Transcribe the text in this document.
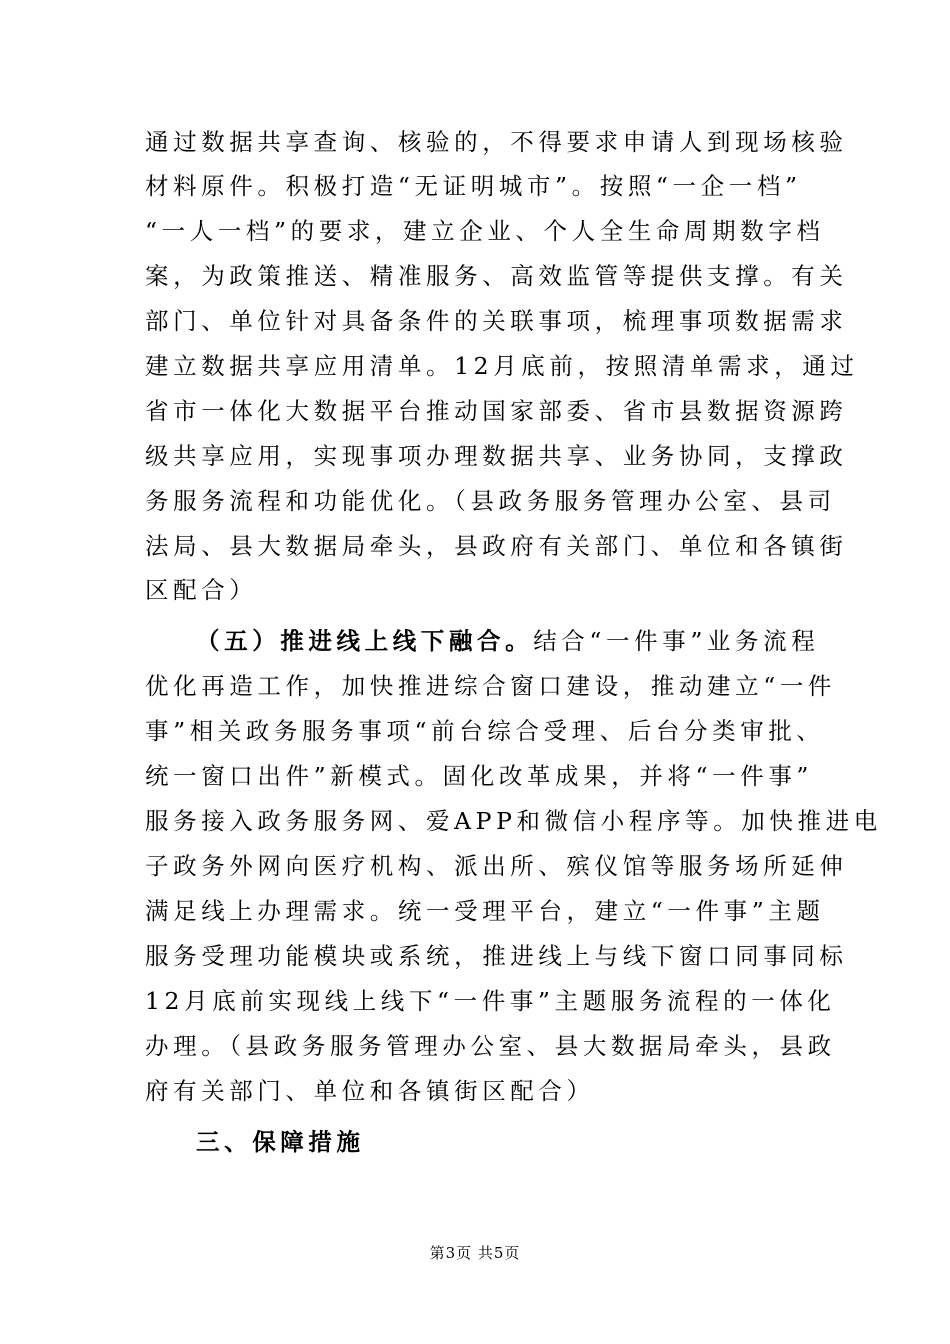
通过数据共享查询、核验的，不得要求申请人到现场核验
材料原件。积极打造“无证明城市”。按照“一企一档”
“一人一档”的要求，建立企业、个人全生命周期数字档
案，为政策推送、精准服务、高效监管等提供支撑。有关
部门、单位针对具备条件的关联事项，梳理事项数据需求
建立数据共享应用清单。12月底前，按照清单需求，通过
省市一体化大数据平台推动国家部委、省市县数据资源跨
级共享应用，实现事项办理数据共享、业务协同，支撑政
务服务流程和功能优化。（县政务服务管理办公室、县司
法局、县大数据局牵头，县政府有关部门、单位和各镇街
区配合）
（五）推进线上线下融合。结合“一件事”业务流程
优化再造工作，加快推进综合窗口建设，推动建立“一件
事”相关政务服务事项“前台综合受理、后台分类审批、
统一窗口出件”新模式。固化改革成果，并将“一件事”
服务接入政务服务网、爱APP和微信小程序等。加快推进电
子政务外网向医疗机构、派出所、殡仪馆等服务场所延伸
满足线上办理需求。统一受理平台，建立“一件事”主题
服务受理功能模块或系统，推进线上与线下窗口同事同标
12月底前实现线上线下“一件事”主题服务流程的一体化
办理。（县政务服务管理办公室、县大数据局牵头，县政
府有关部门、单位和各镇街区配合）
三、保障措施
第3页 共5页
